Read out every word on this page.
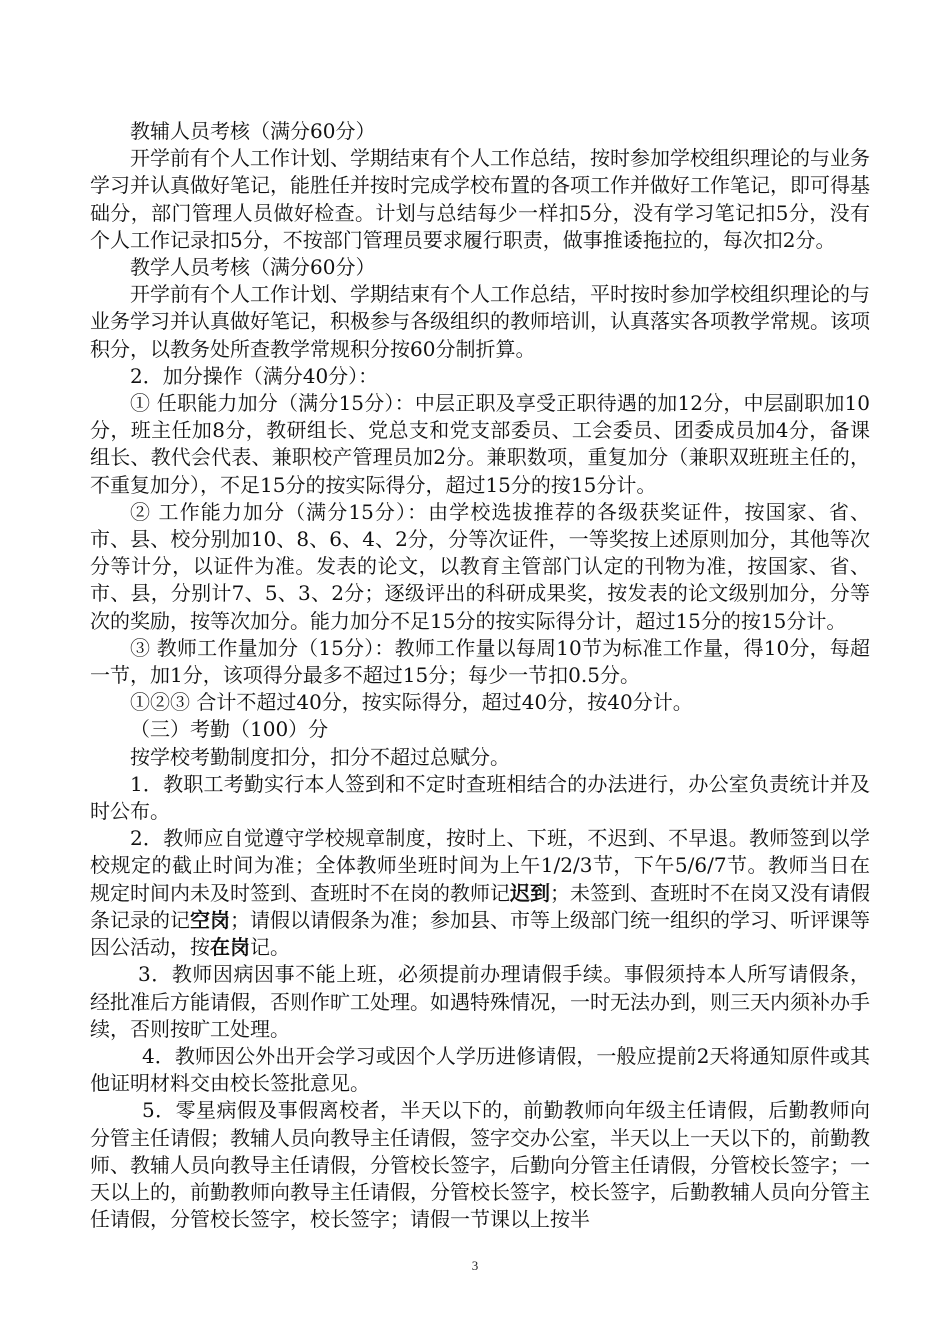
教辅人员考核（满分60分）

开学前有个人工作计划、学期结束有个人工作总结，按时参加学校组织理论的与业务学习并认真做好笔记，能胜任并按时完成学校布置的各项工作并做好工作笔记，即可得基础分，部门管理人员做好检查。计划与总结每少一样扣5分，没有学习笔记扣5分，没有个人工作记录扣5分，不按部门管理员要求履行职责，做事推诿拖拉的，每次扣2分。

教学人员考核（满分60分）

开学前有个人工作计划、学期结束有个人工作总结，平时按时参加学校组织理论的与业务学习并认真做好笔记，积极参与各级组织的教师培训，认真落实各项教学常规。该项积分，以教务处所查教学常规积分按60分制折算。

2．加分操作（满分40分）：

① 任职能力加分（满分15分）：中层正职及享受正职待遇的加12分，中层副职加10分，班主任加8分，教研组长、党总支和党支部委员、工会委员、团委成员加4分，备课组长、教代会代表、兼职校产管理员加2分。兼职数项，重复加分（兼职双班班主任的，不重复加分），不足15分的按实际得分，超过15分的按15分计。

② 工作能力加分（满分15分）：由学校选拔推荐的各级获奖证件，按国家、省、市、县、校分别加10、8、6、4、2分，分等次证件，一等奖按上述原则加分，其他等次分等计分，以证件为准。发表的论文，以教育主管部门认定的刊物为准，按国家、省、市、县，分别计7、5、3、2分；逐级评出的科研成果奖，按发表的论文级别加分，分等次的奖励，按等次加分。能力加分不足15分的按实际得分计，超过15分的按15分计。

③ 教师工作量加分（15分）：教师工作量以每周10节为标准工作量，得10分，每超一节，加1分，该项得分最多不超过15分；每少一节扣0.5分。

①②③ 合计不超过40分，按实际得分，超过40分，按40分计。

（三）考勤（100）分

按学校考勤制度扣分，扣分不超过总赋分。

1．教职工考勤实行本人签到和不定时查班相结合的办法进行，办公室负责统计并及时公布。

2．教师应自觉遵守学校规章制度，按时上、下班，不迟到、不早退。教师签到以学校规定的截止时间为准；全体教师坐班时间为上午1/2/3节，下午5/6/7节。教师当日在规定时间内未及时签到、查班时不在岗的教师记迟到；未签到、查班时不在岗又没有请假条记录的记空岗；请假以请假条为准；参加县、市等上级部门统一组织的学习、听评课等因公活动，按在岗记。

3．教师因病因事不能上班，必须提前办理请假手续。事假须持本人所写请假条，经批准后方能请假，否则作旷工处理。如遇特殊情况，一时无法办到，则三天内须补办手续，否则按旷工处理。

4．教师因公外出开会学习或因个人学历进修请假，一般应提前2天将通知原件或其他证明材料交由校长签批意见。

5．零星病假及事假离校者，半天以下的，前勤教师向年级主任请假，后勤教师向分管主任请假；教辅人员向教导主任请假，签字交办公室，半天以上一天以下的，前勤教师、教辅人员向教导主任请假，分管校长签字，后勤向分管主任请假，分管校长签字；一天以上的，前勤教师向教导主任请假，分管校长签字，校长签字，后勤教辅人员向分管主任请假，分管校长签字，校长签字；请假一节课以上按半

3
